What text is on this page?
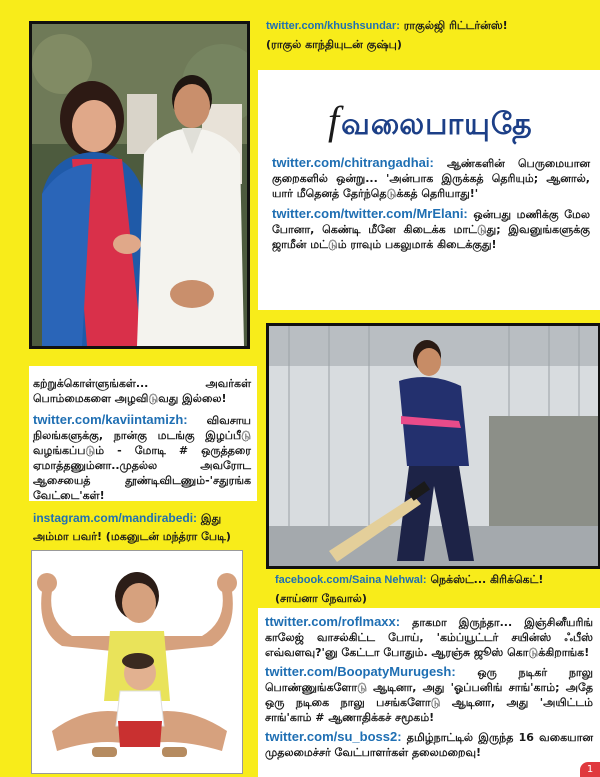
twitter.com/khushsundar: ராகுல்ஜி ரிட்டர்ன்ஸ்!
(ராகுல் காந்தியுடன் குஷ்பு)
f வலைபாயுதே

twitter.com/chitrangadhai: ஆண்களின் பெருமையான குறைகளில் ஒன்று... 'அன்பாக இருக்கத் தெரியும்; ஆனால், யார் மீதெனத் தேர்ந்தெடுக்கத் தெரியாது!'

twitter.com/twitter.com/MrElani: ஒன்பது மணிக்கு மேல போனா, கெண்டி மீனே கிடைக்க மாட்டுது; இவனுங்களுக்கு ஜாமீன் மட்டும் ராவும் பகலுமாக் கிடைக்குது!

facebook.com/Saina Nehwal: நெக்ஸ்ட்... கிரிக்கெட்!
(சாய்னா நேவால்)

கற்றுக்கொள்ளுங்கள்... அவர்கள் பொம்மைகளை அழவிடுவது இல்லை!

twitter.com/kaviintamizh: விவசாய நிலங்களுக்கு, நான்கு மடங்கு இழப்பீடு வழங்கப்படும் - மோடி # ஒருத்தரை ஏமாத்தணும்னா..முதல்ல அவரோட ஆசையைத் தூண்டிவிடணும்-'சதுரங்க வேட்டை'கள்!

instagram.com/mandirabedi: இது
அம்மா பவர்! (மகனுடன் மந்த்ரா பேடி)

ttwitter.com/roflmaxx: தாகமா இருந்தா... இஞ்சினீயரிங் காலேஜ் வாசல்கிட்ட போய், 'கம்ப்யூட்டர் சயின்ஸ் ஃபீஸ் எவ்வளவு?'னு கேட்டா போதும். ஆரஞ்சு ஜூஸ் கொடுக்கிறாங்க!

twitter.com/BoopatyMurugesh: ஒரு நடிகர் நாலு பொண்ணுங்களோடு ஆடினா, அது 'ஓப்பனிங் சாங்'காம்; அதே ஒரு நடிகை நாலு பசங்களோடு ஆடினா, அது 'அயிட்டம் சாங்'காம் # ஆணாதிக்கச் சமூகம்!

twitter.com/su_boss2: தமிழ்நாட்டில் இருந்த 16 வகையான முதலமைச்சர் வேட்பாளர்கள் தலைமறைவு!

1
